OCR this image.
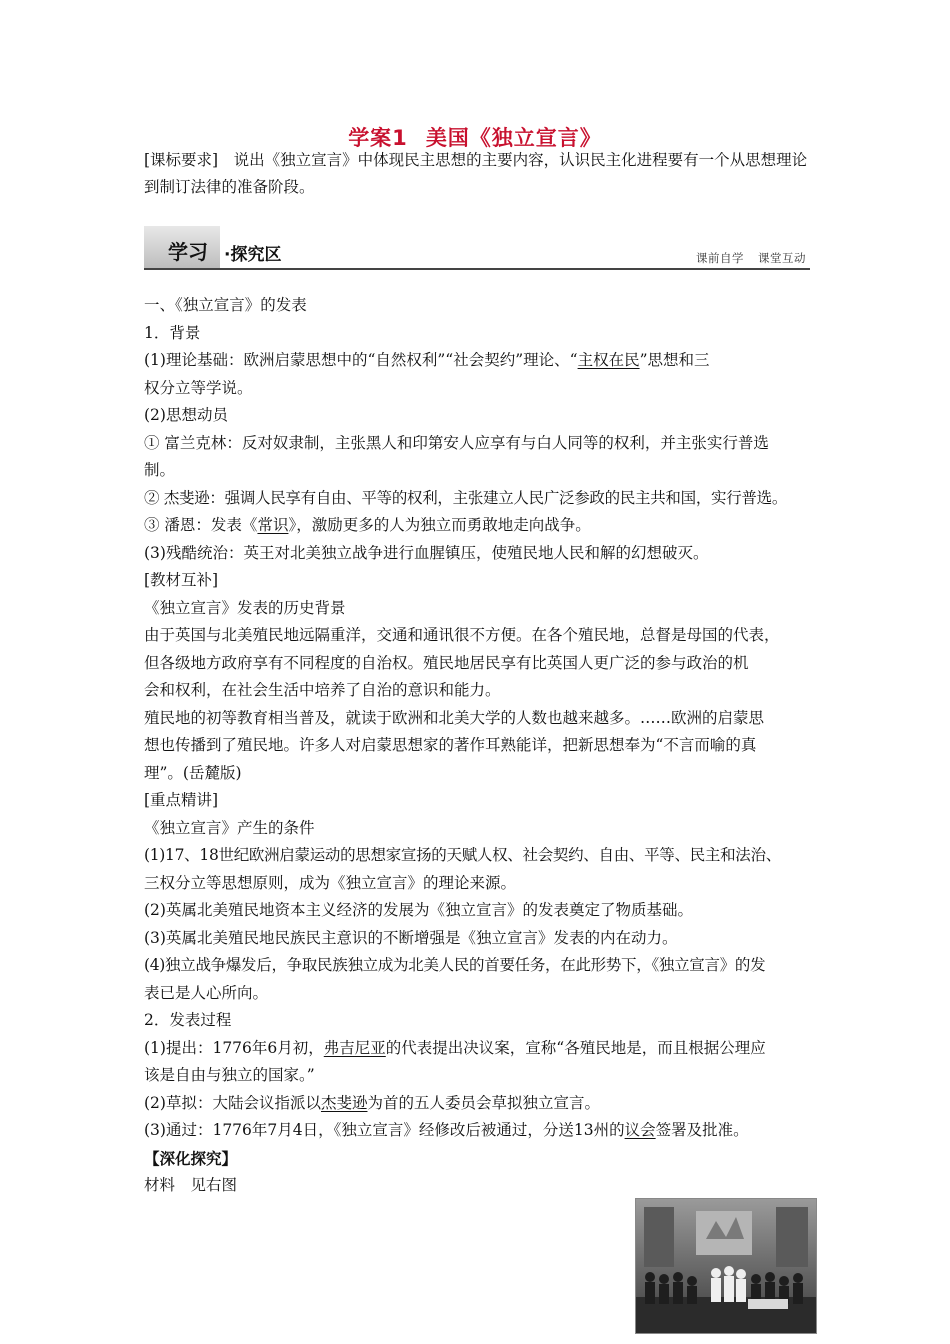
学案1 美国《独立宣言》
[课标要求]　说出《独立宣言》中体现民主思想的主要内容，认识民主化进程要有一个从思想理论到制订法律的准备阶段。
学习 ·探究区	课前自学 课堂互动
一、《独立宣言》的发表
1．背景
(1)理论基础：欧洲启蒙思想中的“自然权利”“社会契约”理论、“主权在民”思想和三
权分立等学说。
(2)思想动员
① 富兰克林：反对奴隶制，主张黑人和印第安人应享有与白人同等的权利，并主张实行普选
制。
② 杰斐逊：强调人民享有自由、平等的权利，主张建立人民广泛参政的民主共和国，实行普选。
③ 潘恩：发表《常识》，激励更多的人为独立而勇敢地走向战争。
(3)残酷统治：英王对北美独立战争进行血腥镇压，使殖民地人民和解的幻想破灭。
[教材互补]
《独立宣言》发表的历史背景
由于英国与北美殖民地远隔重洋，交通和通讯很不方便。在各个殖民地，总督是母国的代表，
但各级地方政府享有不同程度的自治权。殖民地居民享有比英国人更广泛的参与政治的机
会和权利，在社会生活中培养了自治的意识和能力。
殖民地的初等教育相当普及，就读于欧洲和北美大学的人数也越来越多。……欧洲的启蒙思
想也传播到了殖民地。许多人对启蒙思想家的著作耳熟能详，把新思想奉为“不言而喻的真
理”。(岳麓版)
[重点精讲]
《独立宣言》产生的条件
(1)17、18世纪欧洲启蒙运动的思想家宣扬的天赋人权、社会契约、自由、平等、民主和法治、
三权分立等思想原则，成为《独立宣言》的理论来源。
(2)英属北美殖民地资本主义经济的发展为《独立宣言》的发表奠定了物质基础。
(3)英属北美殖民地民族民主意识的不断增强是《独立宣言》发表的内在动力。
(4)独立战争爆发后，争取民族独立成为北美人民的首要任务，在此形势下，《独立宣言》的发
表已是人心所向。
2．发表过程
(1)提出：1776年6月初，弗吉尼亚的代表提出决议案，宣称“各殖民地是，而且根据公理应
该是自由与独立的国家。”
(2)草拟：大陆会议指派以杰斐逊为首的五人委员会草拟独立宣言。
(3)通过：1776年7月4日，《独立宣言》经修改后被通过，分送13州的议会签署及批准。
【深化探究】
材料　见右图
